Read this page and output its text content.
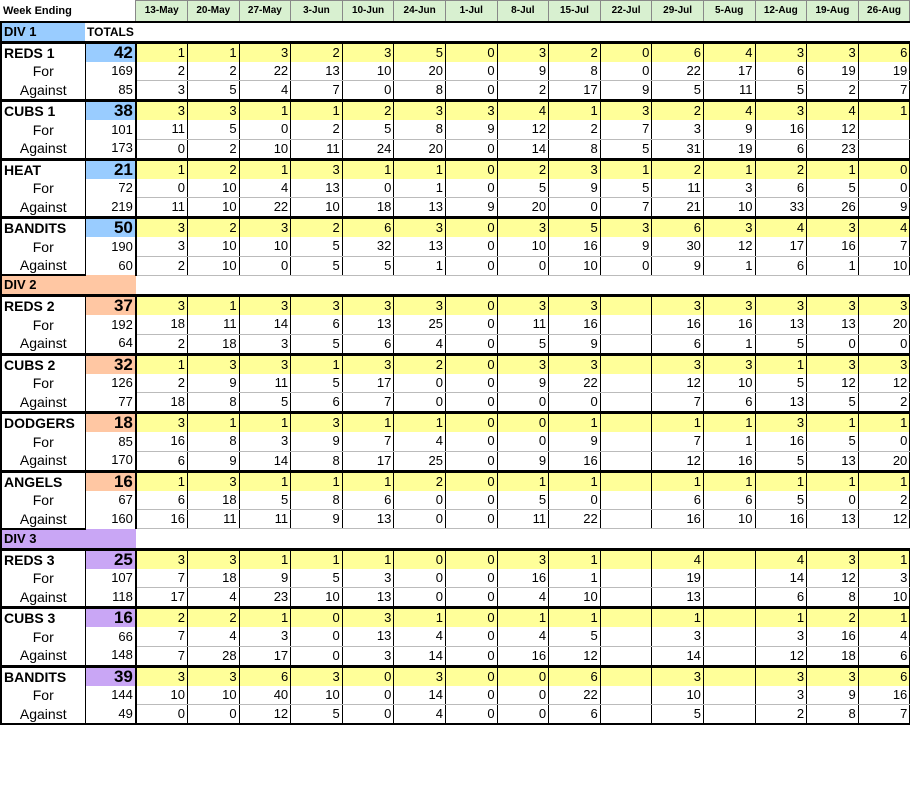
Week Ending		13-May	20-May	27-May	3-Jun	10-Jun	24-Jun	1-Jul	8-Jul	15-Jul	22-Jul	29-Jul	5-Aug	12-Aug	19-Aug	26-Aug
DIV 1	TOTALS															
REDS 1	42	1	1	3	2	3	5	0	3	2	0	6	4	3	3	6
For	169	2	2	22	13	10	20	0	9	8	0	22	17	6	19	19
Against	85	3	5	4	7	0	8	0	2	17	9	5	11	5	2	7
CUBS 1	38	3	3	1	1	2	3	3	4	1	3	2	4	3	4	1
For	101	11	5	0	2	5	8	9	12	2	7	3	9	16	12	
Against	173	0	2	10	11	24	20	0	14	8	5	31	19	6	23	
HEAT	21	1	2	1	3	1	1	0	2	3	1	2	1	2	1	0
For	72	0	10	4	13	0	1	0	5	9	5	11	3	6	5	0
Against	219	11	10	22	10	18	13	9	20	0	7	21	10	33	26	9
BANDITS	50	3	2	3	2	6	3	0	3	5	3	6	3	4	3	4
For	190	3	10	10	5	32	13	0	10	16	9	30	12	17	16	7
Against	60	2	10	0	5	5	1	0	0	10	0	9	1	6	1	10
DIV 2																
REDS 2	37	3	1	3	3	3	3	0	3	3		3	3	3	3	3
For	192	18	11	14	6	13	25	0	11	16		16	16	13	13	20
Against	64	2	18	3	5	6	4	0	5	9		6	1	5	0	0
CUBS 2	32	1	3	3	1	3	2	0	3	3		3	3	1	3	3
For	126	2	9	11	5	17	0	0	9	22		12	10	5	12	12
Against	77	18	8	5	6	7	0	0	0	0		7	6	13	5	2
DODGERS	18	3	1	1	3	1	1	0	0	1		1	1	3	1	1
For	85	16	8	3	9	7	4	0	0	9		7	1	16	5	0
Against	170	6	9	14	8	17	25	0	9	16		12	16	5	13	20
ANGELS	16	1	3	1	1	1	2	0	1	1		1	1	1	1	1
For	67	6	18	5	8	6	0	0	5	0		6	6	5	0	2
Against	160	16	11	11	9	13	0	0	11	22		16	10	16	13	12
DIV 3																
REDS 3	25	3	3	1	1	1	0	0	3	1		4		4	3	1
For	107	7	18	9	5	3	0	0	16	1		19		14	12	3
Against	118	17	4	23	10	13	0	0	4	10		13		6	8	10
CUBS 3	16	2	2	1	0	3	1	0	1	1		1		1	2	1
For	66	7	4	3	0	13	4	0	4	5		3		3	16	4
Against	148	7	28	17	0	3	14	0	16	12		14		12	18	6
BANDITS	39	3	3	6	3	0	3	0	0	6		3		3	3	6
For	144	10	10	40	10	0	14	0	0	22		10		3	9	16
Against	49	0	0	12	5	0	4	0	0	6		5		2	8	7
